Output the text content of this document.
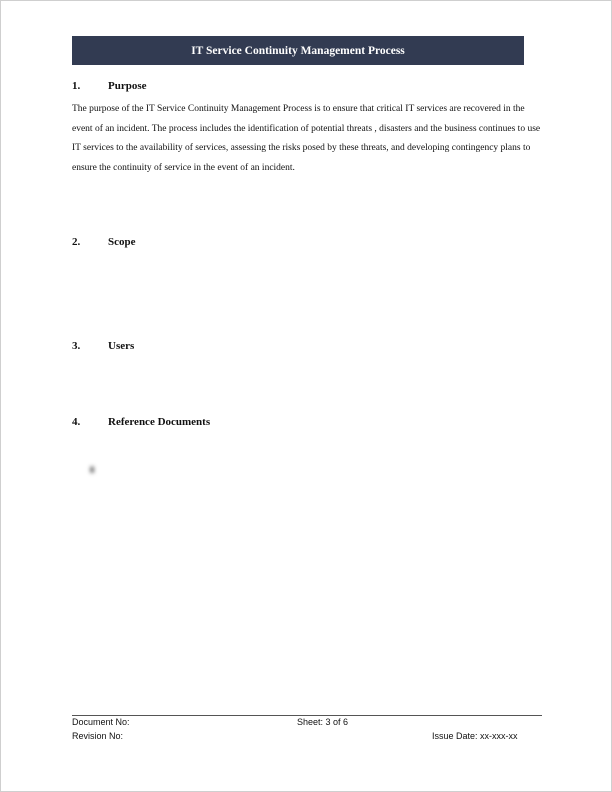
IT Service Continuity Management Process
1.	Purpose
The purpose of the IT Service Continuity Management Process is to ensure that critical IT services are recovered in the event of an incident. The process includes the identification of potential threats , disasters and the business continues to use IT services to the availability of services, assessing the risks posed by these threats, and developing contingency plans to ensure the continuity of service in the event of an incident.
2.	Scope
3.	Users
4.	Reference Documents
Document No:
Revision No:
Sheet: 3 of 6
Issue Date: xx-xxx-xx
